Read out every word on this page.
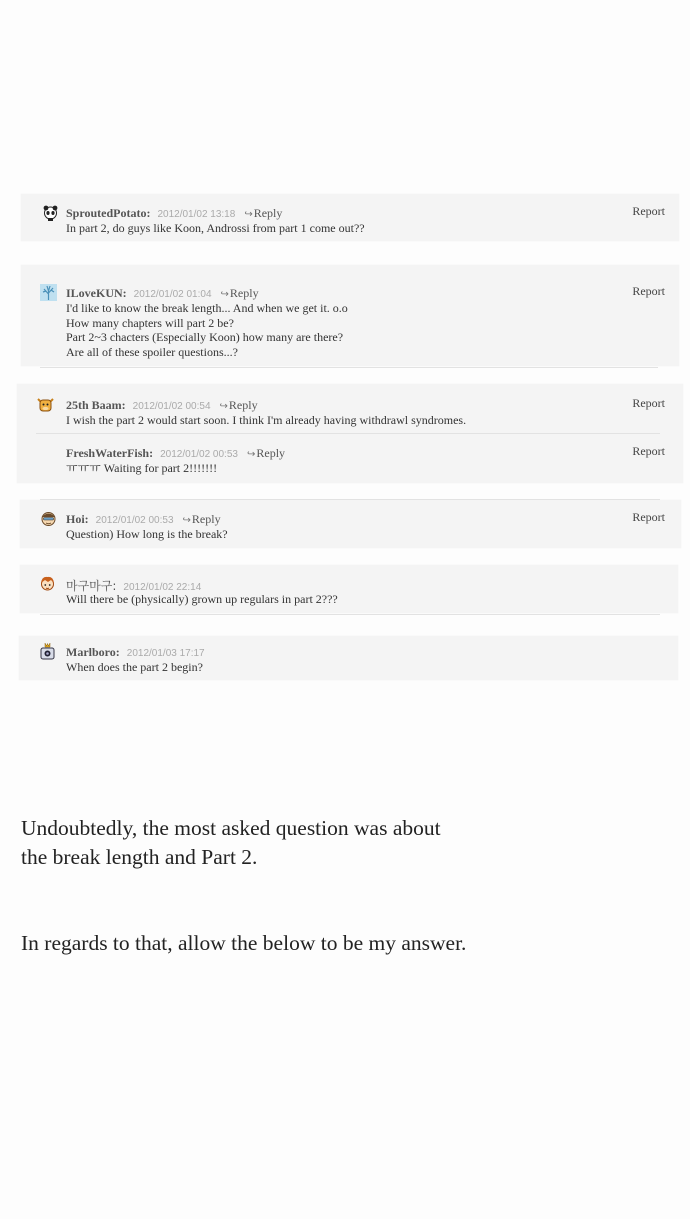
SproutedPotato: 2012/01/02 13:18 ↪Reply
In part 2, do guys like Koon, Androssi from part 1 come out??
Report
ILoveKUN: 2012/01/02 01:04 ↪Reply
I'd like to know the break length... And when we get it. o.o
How many chapters will part 2 be?
Part 2~3 chacters (Especially Koon) how many are there?
Are all of these spoiler questions...?
Report
25th Baam: 2012/01/02 00:54 ↪Reply
I wish the part 2 would start soon. I think I'm already having withdrawl syndromes.
Report
FreshWaterFish: 2012/01/02 00:53 ↪Reply
ㅠㅠㅠ Waiting for part 2!!!!!!!
Report
Hoi: 2012/01/02 00:53 ↪Reply
Question) How long is the break?
Report
마구마구: 2012/01/02 22:14
Will there be (physically) grown up regulars in part 2???
Marlboro: 2012/01/03 17:17
When does the part 2 begin?
Undoubtedly, the most asked question was about
the break length and Part 2.
In regards to that, allow the below to be my answer.
